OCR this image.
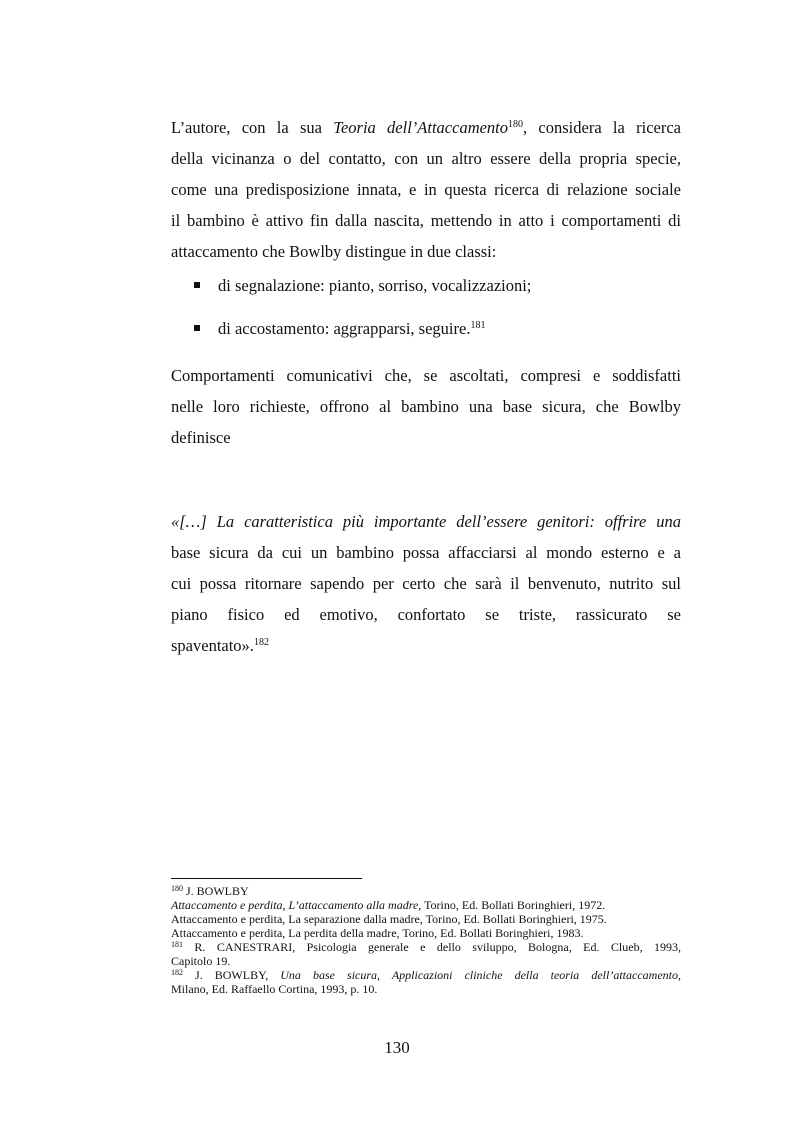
L’autore, con la sua Teoria dell’Attaccamento$^{180}$, considera la ricerca
della vicinanza o del contatto, con un altro essere della propria specie,
come una predisposizione innata, e in questa ricerca di relazione sociale
il bambino è attivo fin dalla nascita, mettendo in atto i comportamenti di
attaccamento che Bowlby distingue in due classi:
di segnalazione: pianto, sorriso, vocalizzazioni;
di accostamento: aggrapparsi, seguire.$^{181}$
Comportamenti comunicativi che, se ascoltati, compresi e soddisfatti
nelle loro richieste, offrono al bambino una base sicura, che Bowlby
definisce
«[…] La caratteristica più importante dell’essere genitori: offrire una
base sicura da cui un bambino possa affacciarsi al mondo esterno e a
cui possa ritornare sapendo per certo che sarà il benvenuto, nutrito sul
piano fisico ed emotivo, confortato se triste, rassicurato se
spaventato».$^{182}$
$^{180}$ J. BOWLBY
Attaccamento e perdita, L’attaccamento alla madre, Torino, Ed. Bollati Boringhieri, 1972.
Attaccamento e perdita, La separazione dalla madre, Torino, Ed. Bollati Boringhieri, 1975.
Attaccamento e perdita, La perdita della madre, Torino, Ed. Bollati Boringhieri, 1983.
$^{181}$ R. CANESTRARI, Psicologia generale e dello sviluppo, Bologna, Ed. Clueb, 1993,
Capitolo 19.
$^{182}$ J. BOWLBY, Una base sicura, Applicazioni cliniche della teoria dell’attaccamento,
Milano, Ed. Raffaello Cortina, 1993, p. 10.
130
